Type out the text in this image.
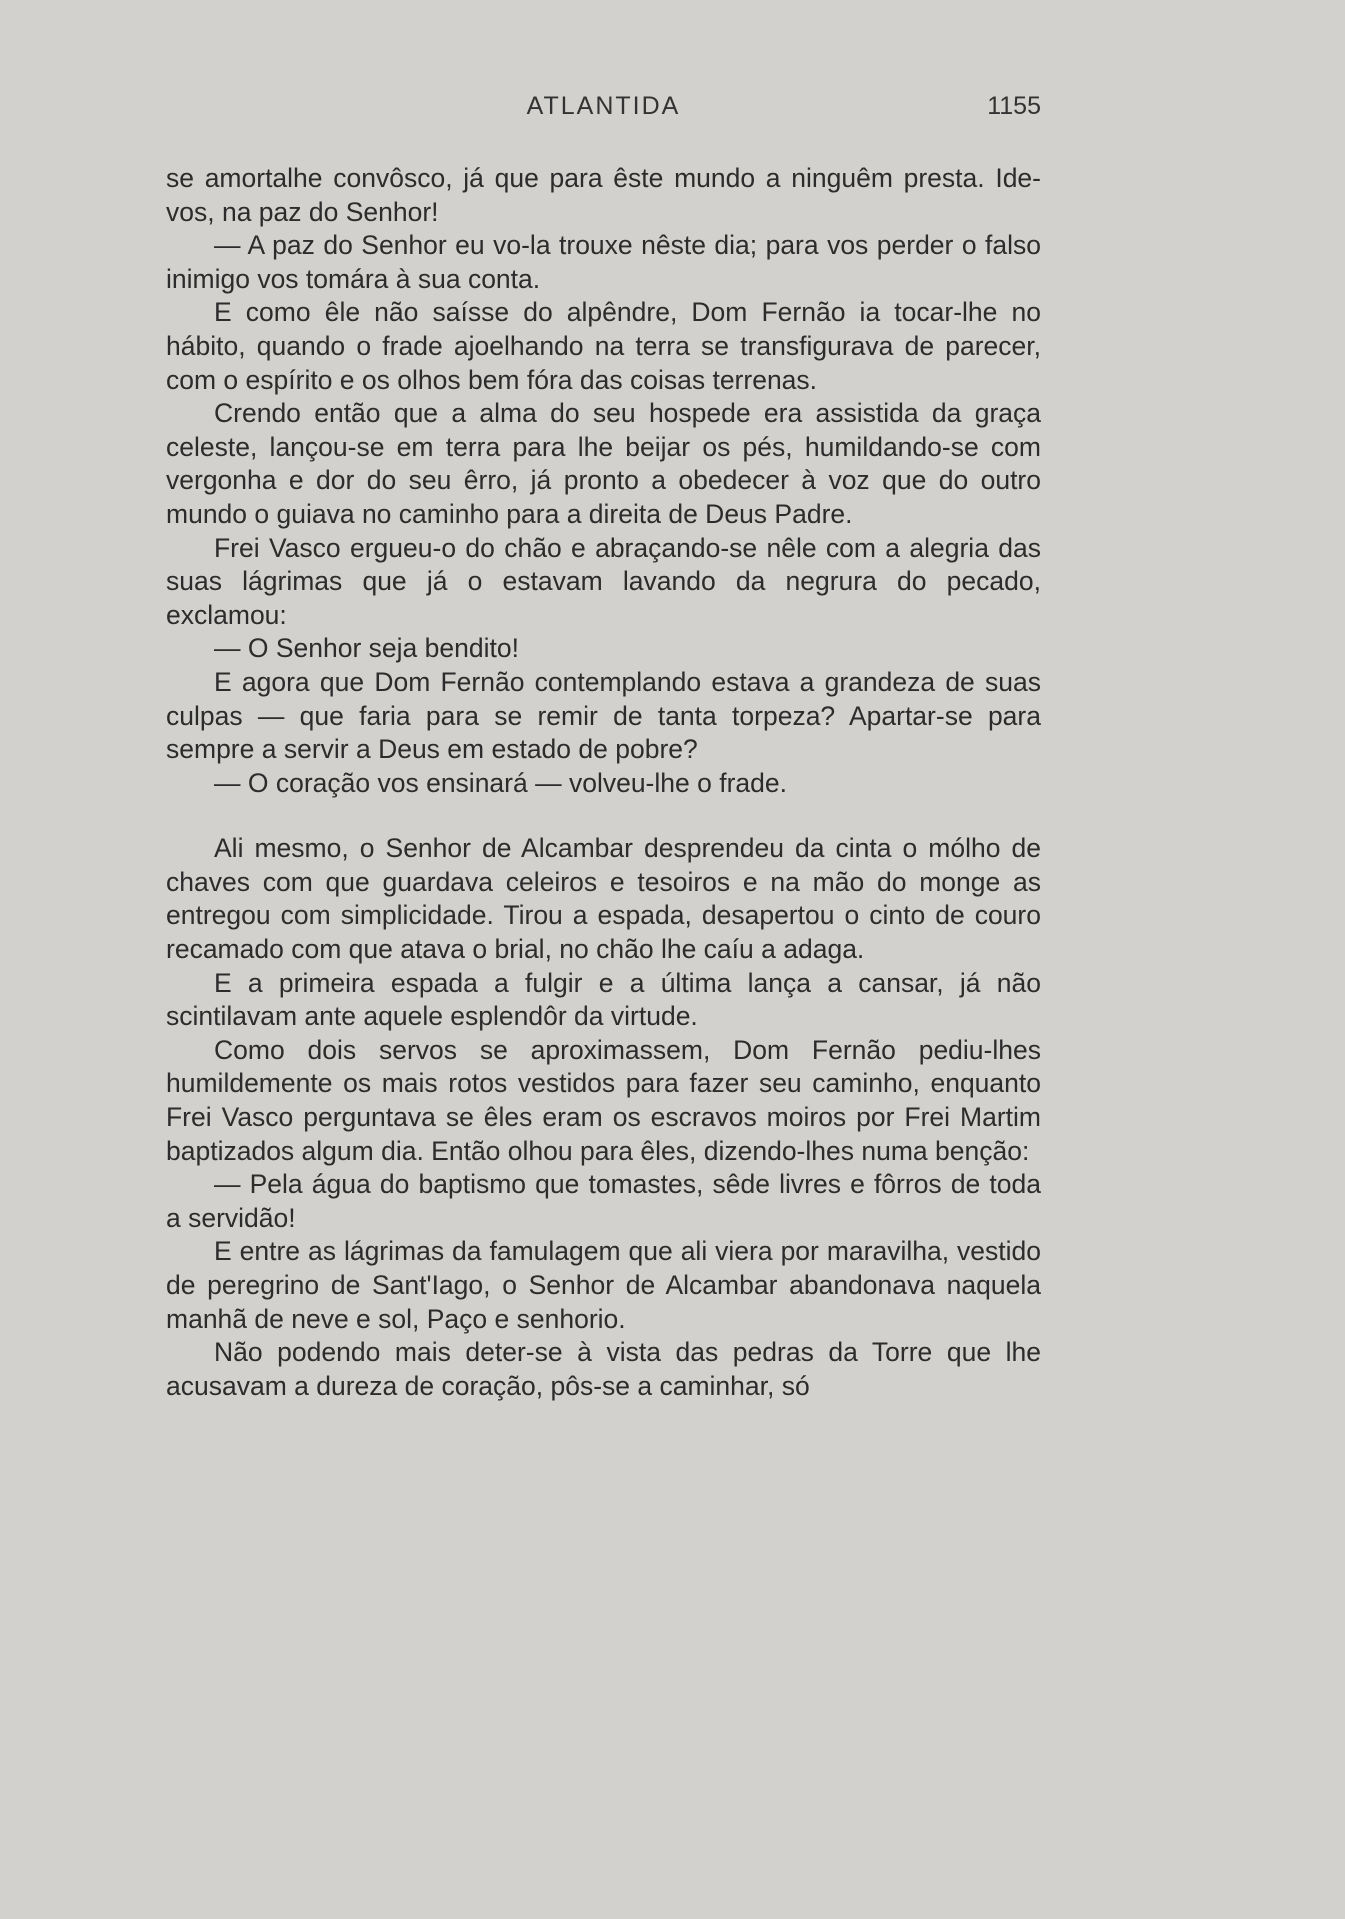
ATLANTIDA	1155

se amortalhe convôsco, já que para êste mundo a ninguêm presta. Ide-vos, na paz do Senhor!

— A paz do Senhor eu vo-la trouxe nêste dia; para vos perder o falso inimigo vos tomára à sua conta.

E como êle não saísse do alpêndre, Dom Fernão ia tocar-lhe no hábito, quando o frade ajoelhando na terra se transfigurava de parecer, com o espírito e os olhos bem fóra das coisas terrenas.

Crendo então que a alma do seu hospede era assistida da graça celeste, lançou-se em terra para lhe beijar os pés, humildando-se com vergonha e dor do seu êrro, já pronto a obedecer à voz que do outro mundo o guiava no caminho para a direita de Deus Padre.

Frei Vasco ergueu-o do chão e abraçando-se nêle com a alegria das suas lágrimas que já o estavam lavando da negrura do pecado, exclamou:

— O Senhor seja bendito!

E agora que Dom Fernão contemplando estava a grandeza de suas culpas — que faria para se remir de tanta torpeza? Apartar-se para sempre a servir a Deus em estado de pobre?

— O coração vos ensinará — volveu-lhe o frade.

Ali mesmo, o Senhor de Alcambar desprendeu da cinta o mólho de chaves com que guardava celeiros e tesoiros e na mão do monge as entregou com simplicidade. Tirou a espada, desapertou o cinto de couro recamado com que atava o brial, no chão lhe caíu a adaga.

E a primeira espada a fulgir e a última lança a cansar, já não scintilavam ante aquele esplendôr da virtude.

Como dois servos se aproximassem, Dom Fernão pediu-lhes humildemente os mais rotos vestidos para fazer seu caminho, enquanto Frei Vasco perguntava se êles eram os escravos moiros por Frei Martim baptizados algum dia. Então olhou para êles, dizendo-lhes numa benção:

— Pela água do baptismo que tomastes, sêde livres e fôrros de toda a servidão!

E entre as lágrimas da famulagem que ali viera por maravilha, vestido de peregrino de Sant'Iago, o Senhor de Alcambar abandonava naquela manhã de neve e sol, Paço e senhorio.

Não podendo mais deter-se à vista das pedras da Torre que lhe acusavam a dureza de coração, pôs-se a caminhar, só
